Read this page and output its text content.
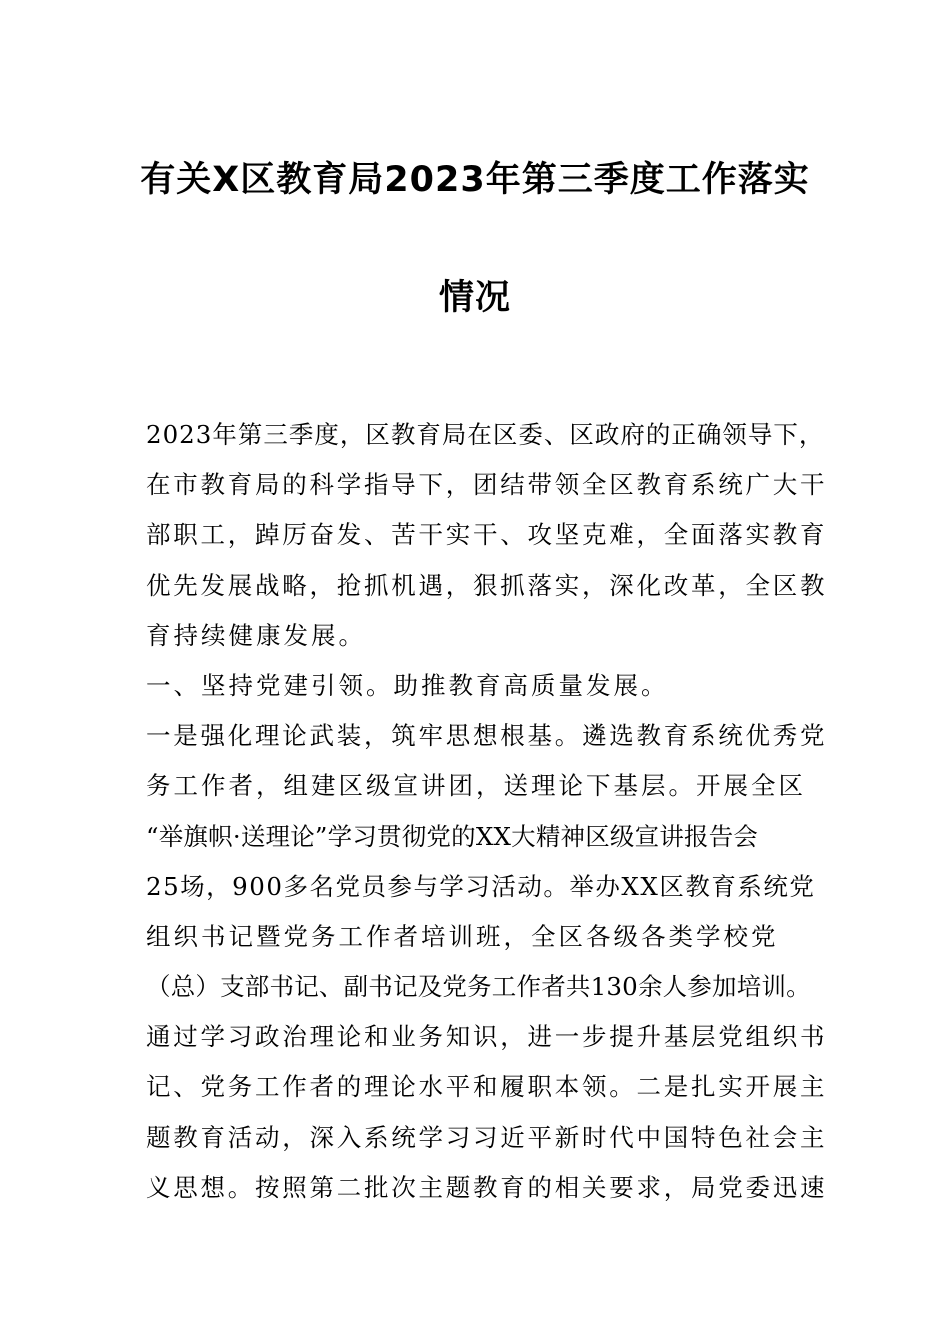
有关X区教育局2023年第三季度工作落实
情况
2023年第三季度，区教育局在区委、区政府的正确领导下，
在市教育局的科学指导下，团结带领全区教育系统广大干
部职工，踔厉奋发、苦干实干、攻坚克难，全面落实教育
优先发展战略，抢抓机遇，狠抓落实，深化改革，全区教
育持续健康发展。
一、坚持党建引领。助推教育高质量发展。
一是强化理论武装，筑牢思想根基。遴选教育系统优秀党
务工作者，组建区级宣讲团，送理论下基层。开展全区
“举旗帜·送理论”学习贯彻党的XX大精神区级宣讲报告会
25场，900多名党员参与学习活动。举办XX区教育系统党
组织书记暨党务工作者培训班，全区各级各类学校党
（总）支部书记、副书记及党务工作者共130余人参加培训。
通过学习政治理论和业务知识，进一步提升基层党组织书
记、党务工作者的理论水平和履职本领。二是扎实开展主
题教育活动，深入系统学习习近平新时代中国特色社会主
义思想。按照第二批次主题教育的相关要求，局党委迅速
